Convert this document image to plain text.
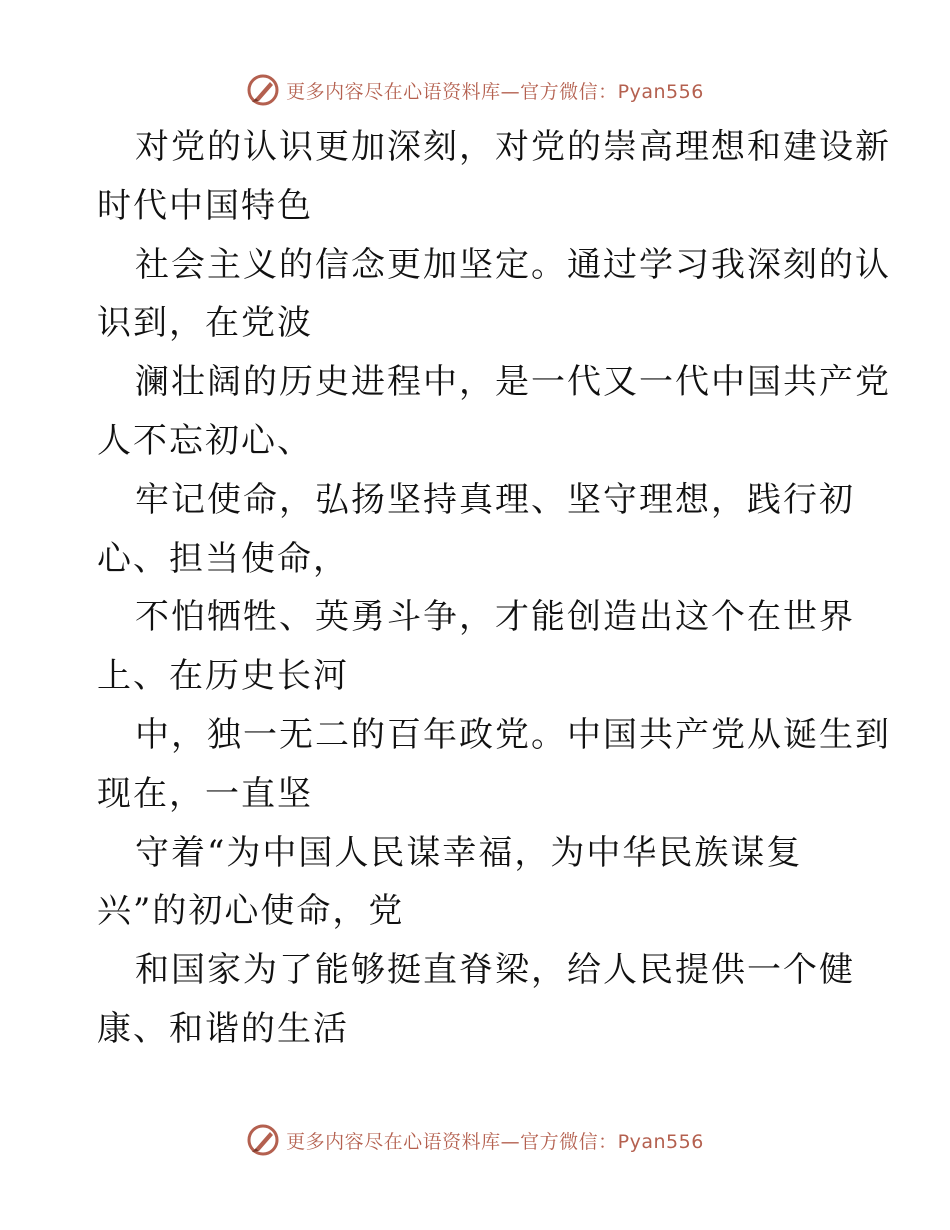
更多内容尽在心语资料库—官方微信：Pyan556
对党的认识更加深刻，对党的崇高理想和建设新
时代中国特色
社会主义的信念更加坚定。通过学习我深刻的认
识到，在党波
澜壮阔的历史进程中，是一代又一代中国共产党
人不忘初心、
牢记使命，弘扬坚持真理、坚守理想，践行初
心、担当使命，
不怕牺牲、英勇斗争，才能创造出这个在世界
上、在历史长河
中，独一无二的百年政党。中国共产党从诞生到
现在，一直坚
守着“为中国人民谋幸福，为中华民族谋复
兴”的初心使命，党
和国家为了能够挺直脊梁，给人民提供一个健
康、和谐的生活
更多内容尽在心语资料库—官方微信：Pyan556
